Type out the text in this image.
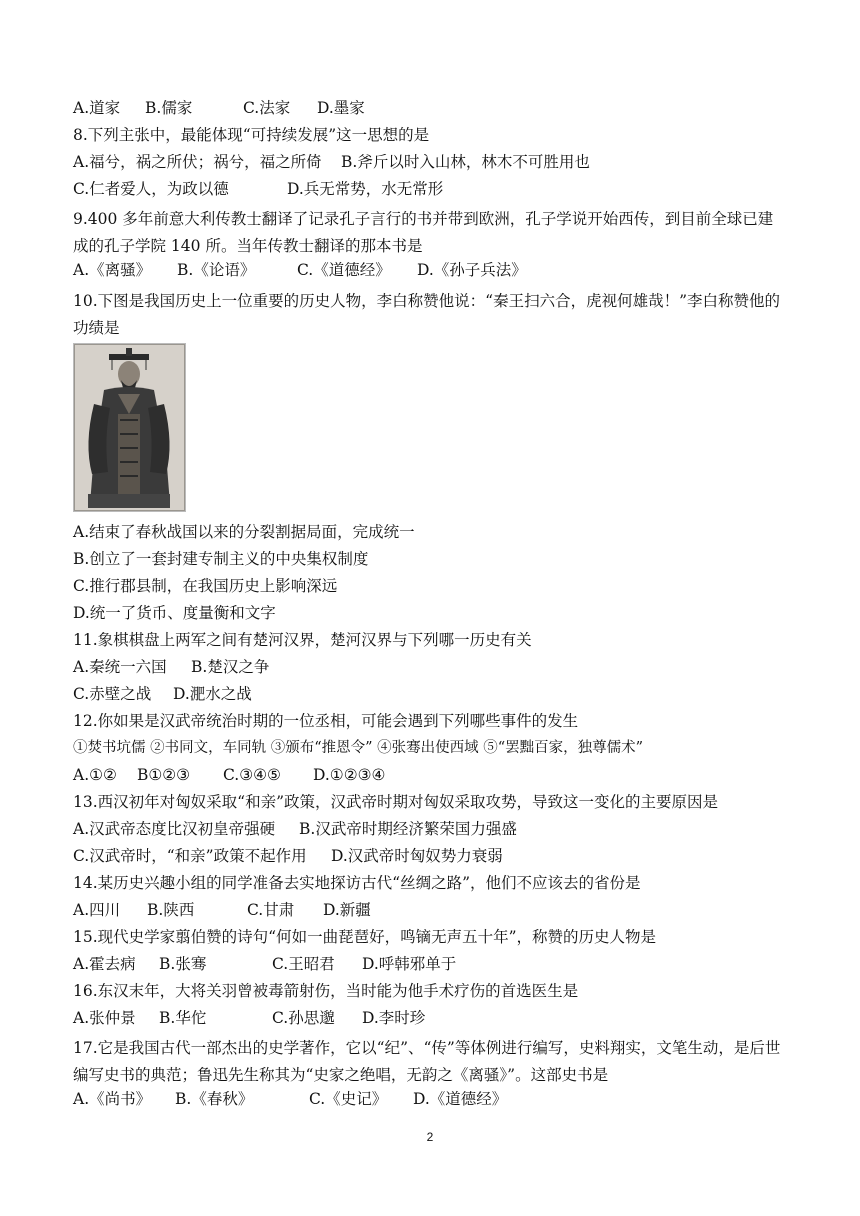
A.道家 B.儒家	C.法家 D.墨家
8.下列主张中，最能体现“可持续发展”这一思想的是
A.福兮，祸之所伏；祸兮，福之所倚 B.斧斤以时入山林，林木不可胜用也
C.仁者爱人，为政以德	D.兵无常势，水无常形
9.400 多年前意大利传教士翻译了记录孔子言行的书并带到欧洲，孔子学说开始西传，到目前全球已建成的孔子学院 140 所。当年传教士翻译的那本书是
A.《离骚》 B.《论语》	C.《道德经》 D.《孙子兵法》
10.下图是我国历史上一位重要的历史人物，李白称赞他说：“秦王扫六合，虎视何雄哉！”李白称赞他的功绩是
A.结束了春秋战国以来的分裂割据局面，完成统一
B.创立了一套封建专制主义的中央集权制度
C.推行郡县制，在我国历史上影响深远
D.统一了货币、度量衡和文字
11.象棋棋盘上两军之间有楚河汉界，楚河汉界与下列哪一历史有关
A.秦统一六国 B.楚汉之争
C.赤壁之战 D.淝水之战
12.你如果是汉武帝统治时期的一位丞相，可能会遇到下列哪些事件的发生
①焚书坑儒 ②书同文，车同轨 ③颁布“推恩令” ④张骞出使西域 ⑤“罢黜百家，独尊儒术”
A.①② B①②③ C.③④⑤ D.①②③④
13.西汉初年对匈奴采取“和亲”政策，汉武帝时期对匈奴采取攻势，导致这一变化的主要原因是
A.汉武帝态度比汉初皇帝强硬 B.汉武帝时期经济繁荣国力强盛
C.汉武帝时，“和亲”政策不起作用 D.汉武帝时匈奴势力衰弱
14.某历史兴趣小组的同学准备去实地探访古代“丝绸之路”，他们不应该去的省份是
A.四川 B.陕西	C.甘肃 D.新疆
15.现代史学家翦伯赞的诗句“何如一曲琵琶好，鸣镝无声五十年”，称赞的历史人物是
A.霍去病 B.张骞	C.王昭君 D.呼韩邪单于
16.东汉末年，大将关羽曾被毒箭射伤，当时能为他手术疗伤的首选医生是
A.张仲景 B.华佗	C.孙思邈 D.李时珍
17.它是我国古代一部杰出的史学著作，它以“纪”、“传”等体例进行编写，史料翔实，文笔生动，是后世编写史书的典范；鲁迅先生称其为“史家之绝唱，无韵之《离骚》”。这部史书是
A.《尚书》 B.《春秋》	C.《史记》 D.《道德经》
2
